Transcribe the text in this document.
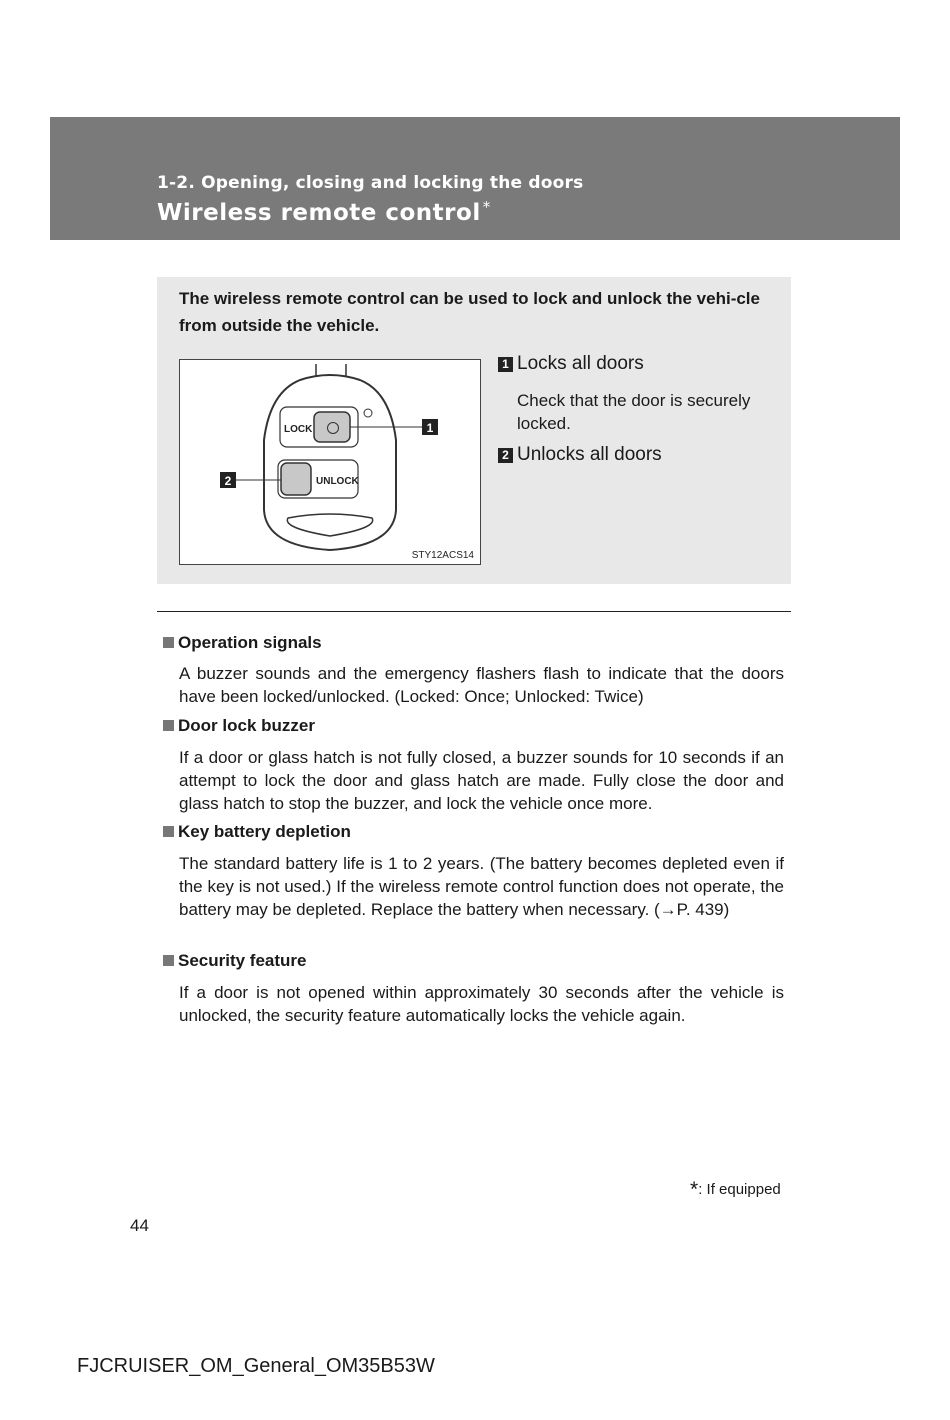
1-2. Opening, closing and locking the doors
Wireless remote control *
The wireless remote control can be used to lock and unlock the vehi-cle from outside the vehicle.
LOCK
UNLOCK
1
2
STY12ACS14
1 Locks all doors
Check that the door is securely locked.
2 Unlocks all doors
Operation signals
A buzzer sounds and the emergency flashers flash to indicate that the doors have been locked/unlocked. (Locked: Once; Unlocked: Twice)
Door lock buzzer
If a door or glass hatch is not fully closed, a buzzer sounds for 10 seconds if an attempt to lock the door and glass hatch are made. Fully close the door and glass hatch to stop the buzzer, and lock the vehicle once more.
Key battery depletion
The standard battery life is 1 to 2 years. (The battery becomes depleted even if the key is not used.) If the wireless remote control function does not operate, the battery may be depleted. Replace the battery when necessary. (→P. 439)
Security feature
If a door is not opened within approximately 30 seconds after the vehicle is unlocked, the security feature automatically locks the vehicle again.
*: If equipped
44
FJCRUISER_OM_General_OM35B53W
